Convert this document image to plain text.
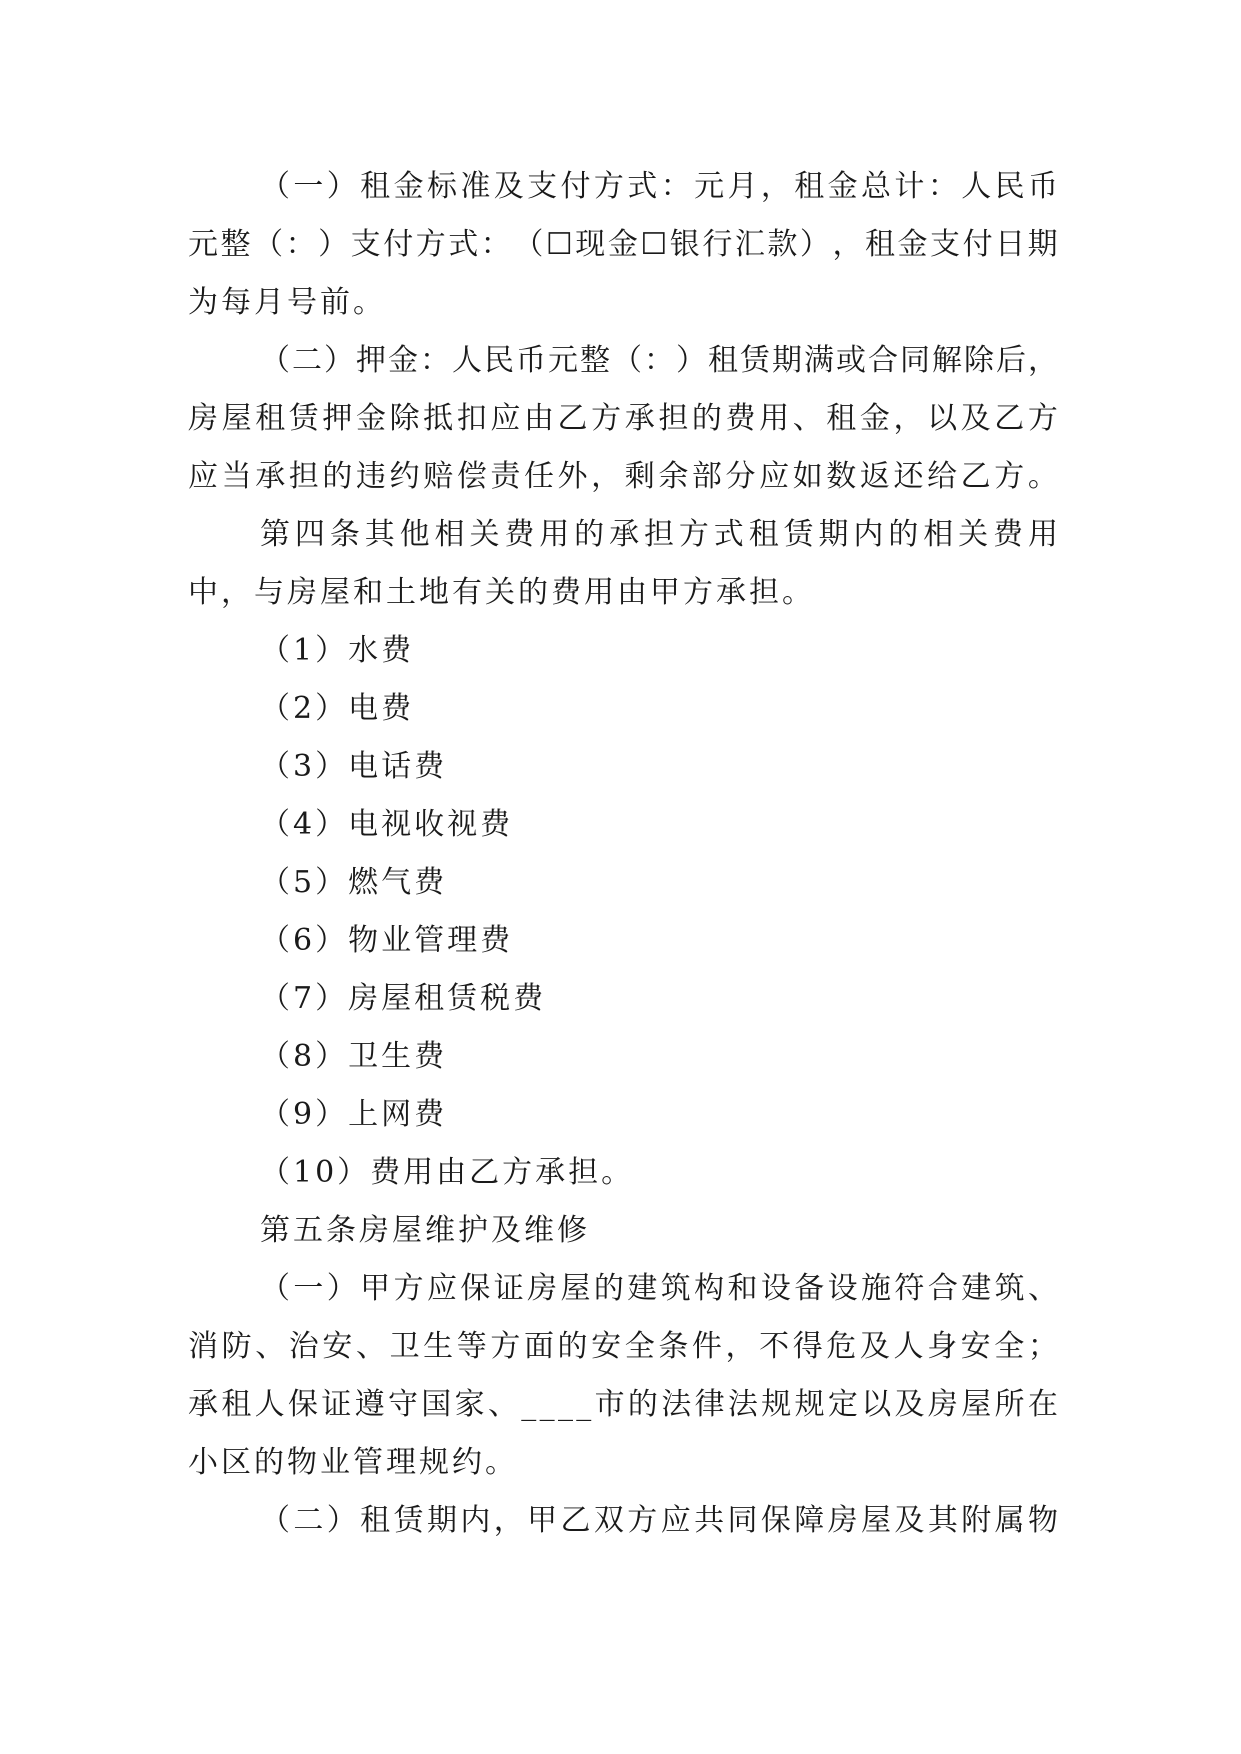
（ 一 ） 租 金 标 准 及 支 付 方 式 ： 元 月 ， 租 金 总 计 ： 人 民 币
元 整 （ ： ） 支 付 方 式 ： （ ☐ 现 金 ☐ 银 行 汇 款 ） ， 租 金 支 付 日 期
为每月号前。
（ 二 ） 押 金 ： 人 民 币 元 整 （ ： ） 租 赁 期 满 或 合 同 解 除 后 ，
房 屋 租 赁 押 金 除 抵 扣 应 由 乙 方 承 担 的 费 用 、 租 金 ， 以 及 乙 方
应 当 承 担 的 违 约 赔 偿 责 任 外 ， 剩 余 部 分 应 如 数 返 还 给 乙 方 。
第 四 条 其 他 相 关 费 用 的 承 担 方 式 租 赁 期 内 的 相 关 费 用
中，与房屋和土地有关的费用由甲方承担。
（1）水费
（2）电费
（3）电话费
（4）电视收视费
（5）燃气费
（6）物业管理费
（7）房屋租赁税费
（8）卫生费
（9）上网费
（10）费用由乙方承担。
第五条房屋维护及维修
（ 一 ） 甲 方 应 保 证 房 屋 的 建 筑 构 和 设 备 设 施 符 合 建 筑 、
消 防 、 治 安 、 卫 生 等 方 面 的 安 全 条 件 ， 不 得 危 及 人 身 安 全 ；
承 租 人 保 证 遵 守 国 家 、 _ _ _ _ 市 的 法 律 法 规 规 定 以 及 房 屋 所 在
小区的物业管理规约。
（ 二 ） 租 赁 期 内 ， 甲 乙 双 方 应 共 同 保 障 房 屋 及 其 附 属 物
